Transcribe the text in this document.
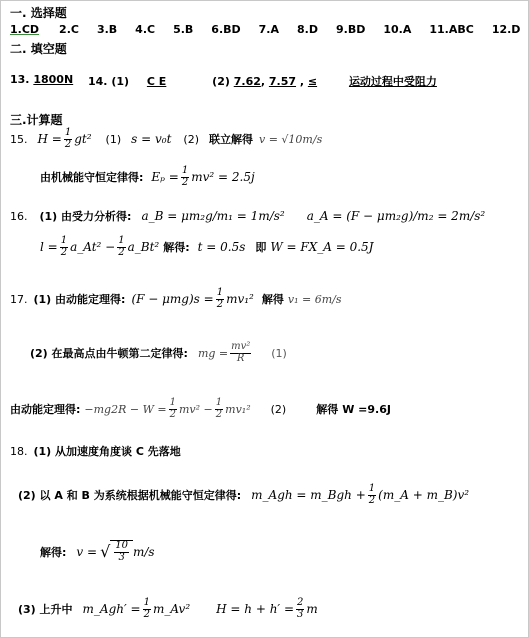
一. 选择题
1.CD 2.C 3.B 4.C 5.B 6.BD 7.A 8.D 9.BD 10.A 11.ABC 12.D
二. 填空题
13. 1800N 14. (1) C E	(2) 7.62, 7.57 , ≤	运动过程中受阻力
三.计算题
15. $H = \frac{1}{2} gt^2$ (1) s = v₀t (2) 联立解得 v = √10m/s
由机械能守恒定律得: $E_p = \frac{1}{2} mv^2 = 2.5j$
16. (1) 由受力分析得: a_B = μm₂g/m₁ = 1m/s² a_A = (F − μm₂g)/m₂ = 2m/s²
$l = \frac{1}{2}$ a_At² − $\frac{1}{2}$ a_Bt² 解得: t = 0.5s 即 W = FX_A = 0.5J
17. (1) 由动能定理得: $(F - \mu mg)s = \frac{1}{2} mv_1^2$ 解得 v₁ = 6m/s
(2) 在最高点由牛顿第二定律得: mg = $\frac{\text{mv²}}{R} (1)$
由动能定理得: $-mg2R - W = \frac{1}{2} mv^2 - \frac{1}{2} mv_1^2$ (2)	解得 W =9.6J
18. (1) 从加速度角度谈 C 先落地
(2) 以 A 和 B 为系统根据机械能守恒定律得: m_Agh = m_Bgh + $\frac{1}{2}$ (m_A + m_B)v²
解得: v = √ $\frac{10}{3} m/s$
(3) 上升中 m_Agh′ = $\frac{1}{2}$ m_Av² $H = h + h' = \frac{2}{3}$ m
